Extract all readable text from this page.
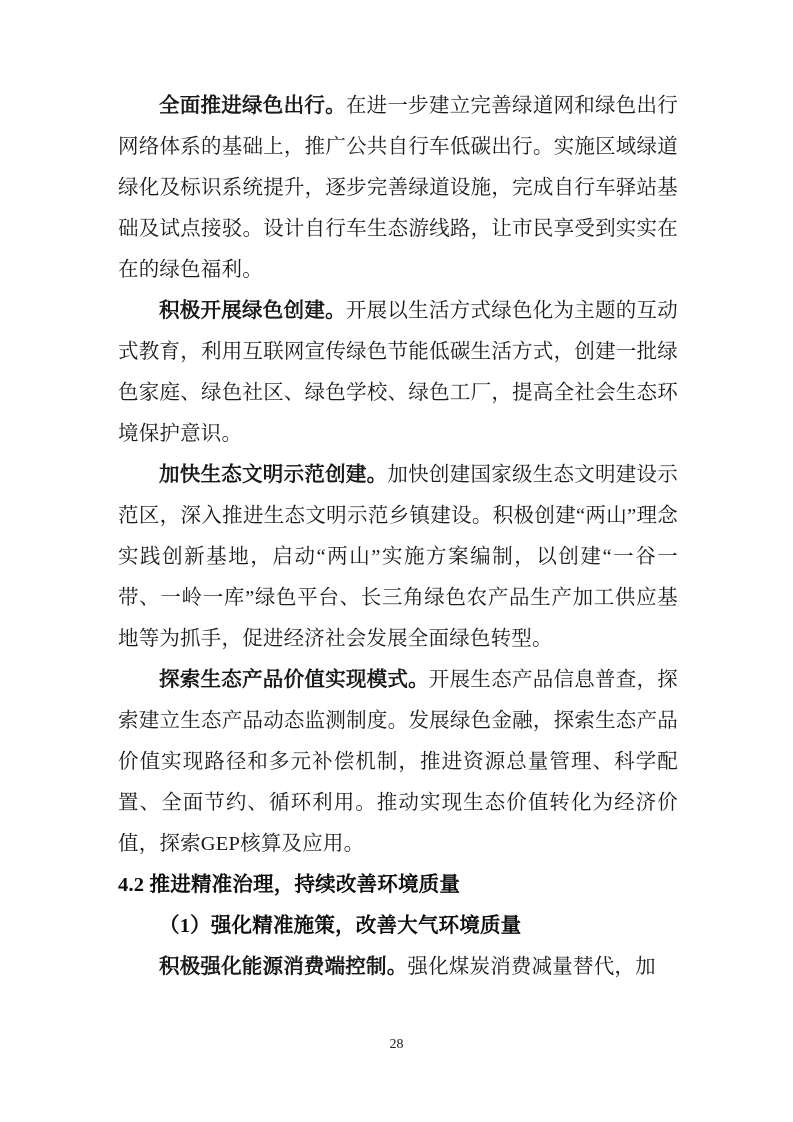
全面推进绿色出行。在进一步建立完善绿道网和绿色出行网络体系的基础上，推广公共自行车低碳出行。实施区域绿道绿化及标识系统提升，逐步完善绿道设施，完成自行车驿站基础及试点接驳。设计自行车生态游线路，让市民享受到实实在在的绿色福利。

积极开展绿色创建。开展以生活方式绿色化为主题的互动式教育，利用互联网宣传绿色节能低碳生活方式，创建一批绿色家庭、绿色社区、绿色学校、绿色工厂，提高全社会生态环境保护意识。

加快生态文明示范创建。加快创建国家级生态文明建设示范区，深入推进生态文明示范乡镇建设。积极创建“两山”理念实践创新基地，启动“两山”实施方案编制，以创建“一谷一带、一岭一库”绿色平台、长三角绿色农产品生产加工供应基地等为抓手，促进经济社会发展全面绿色转型。

探索生态产品价值实现模式。开展生态产品信息普查，探索建立生态产品动态监测制度。发展绿色金融，探索生态产品价值实现路径和多元补偿机制，推进资源总量管理、科学配置、全面节约、循环利用。推动实现生态价值转化为经济价值，探索GEP核算及应用。

4.2 推进精准治理，持续改善环境质量

（1）强化精准施策，改善大气环境质量

积极强化能源消费端控制。强化煤炭消费减量替代，加

28
